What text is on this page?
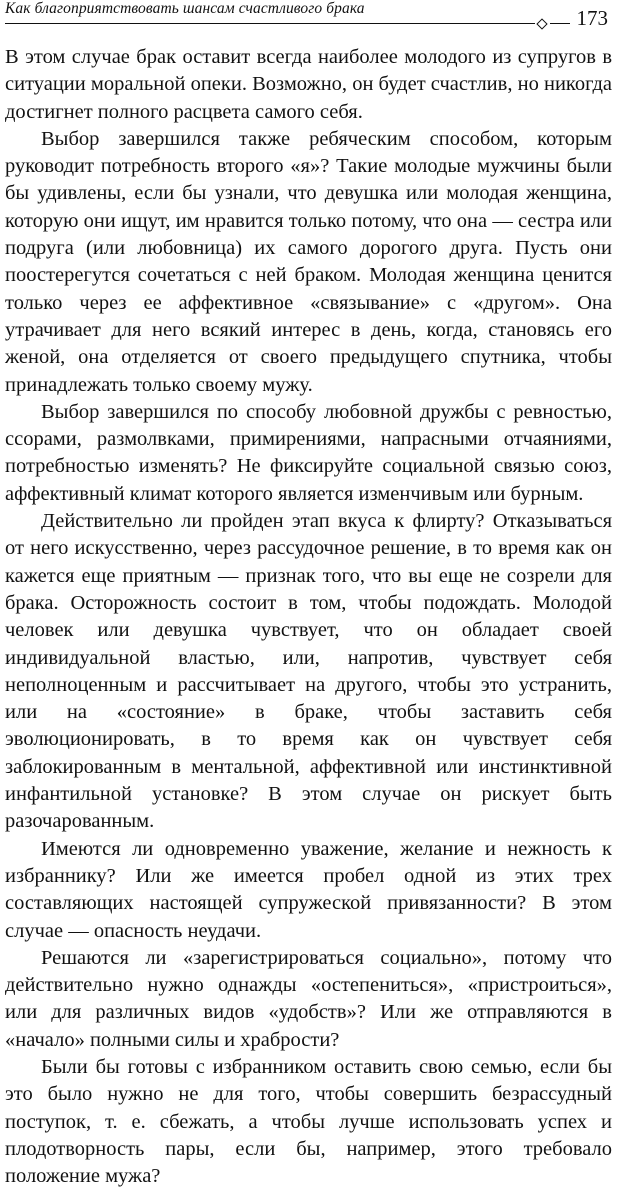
Как благоприятствовать шансам счастливого брака	173

В этом случае брак оставит всегда наиболее молодого из супругов в ситуации моральной опеки. Возможно, он будет счастлив, но никогда достигнет полного расцвета самого себя.

Выбор завершился также ребяческим способом, которым руководит потребность второго «я»? Такие молодые мужчины были бы удивлены, если бы узнали, что девушка или молодая женщина, которую они ищут, им нравится только потому, что она — сестра или подруга (или любовница) их самого дорогого друга. Пусть они поостерегутся сочетаться с ней браком. Молодая женщина ценится только через ее аффективное «связывание» с «другом». Она утрачивает для него всякий интерес в день, когда, становясь его женой, она отделяется от своего предыдущего спутника, чтобы принадлежать только своему мужу.

Выбор завершился по способу любовной дружбы с ревностью, ссорами, размолвками, примирениями, напрасными отчаяниями, потребностью изменять? Не фиксируйте социальной связью союз, аффективный климат которого является изменчивым или бурным.

Действительно ли пройден этап вкуса к флирту? Отказываться от него искусственно, через рассудочное решение, в то время как он кажется еще приятным — признак того, что вы еще не созрели для брака. Осторожность состоит в том, чтобы подождать. Молодой человек или девушка чувствует, что он обладает своей индивидуальной властью, или, напротив, чувствует себя неполноценным и рассчитывает на другого, чтобы это устранить, или на «состояние» в браке, чтобы заставить себя эволюционировать, в то время как он чувствует себя заблокированным в ментальной, аффективной или инстинктивной инфантильной установке? В этом случае он рискует быть разочарованным.

Имеются ли одновременно уважение, желание и нежность к избраннику? Или же имеется пробел одной из этих трех составляющих настоящей супружеской привязанности? В этом случае — опасность неудачи.

Решаются ли «зарегистрироваться социально», потому что действительно нужно однажды «остепениться», «пристроиться», или для различных видов «удобств»? Или же отправляются в «начало» полными силы и храбрости?

Были бы готовы с избранником оставить свою семью, если бы это было нужно не для того, чтобы совершить безрассудный поступок, т. е. сбежать, а чтобы лучше использовать успех и плодотворность пары, если бы, например, этого требовало положение мужа?
